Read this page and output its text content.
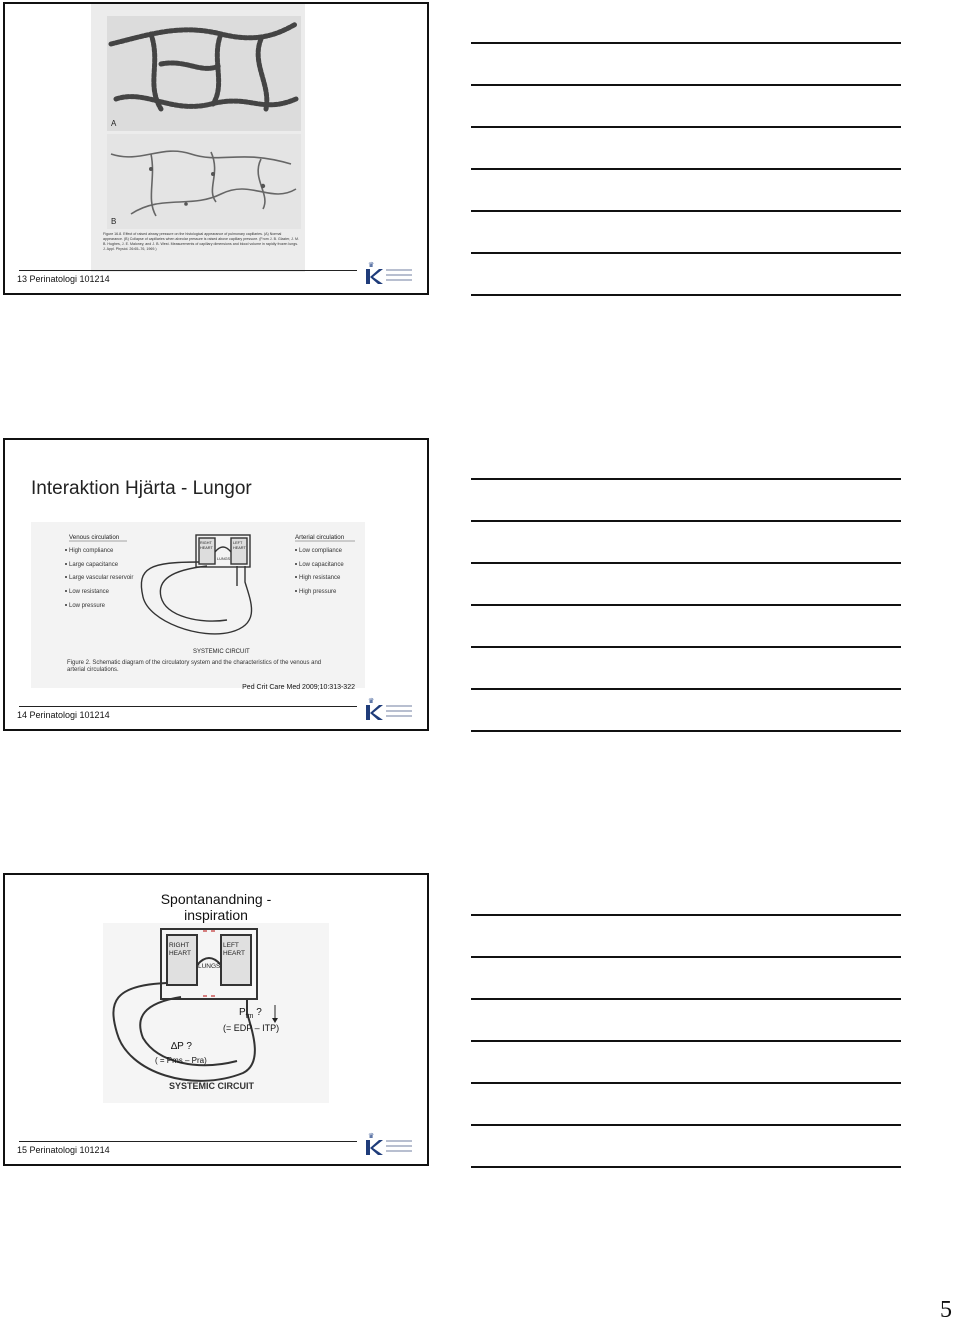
A
B
Figure 16.8. Effect of raised airway pressure on the histological appearance of pulmonary capillaries. (A) Normal appearance. (B) Collapse of capillaries when alveolar pressure is raised above capillary pressure. (From J. B. Glazier, J. M. B. Hughes, J. E. Maloney, and J. B. West. Measurements of capillary dimensions and blood volume in rapidly frozen lungs. J. Appl. Physiol. 26:65–76, 1969.)
13 Perinatologi 101214
♛
Interaktion Hjärta - Lungor
Venous circulation
High compliance
Large capacitance
Large vascular reservoir
Low resistance
Low pressure
Arterial circulation
Low compliance
Low capacitance
High resistance
High pressure
RIGHT
HEART
LEFT
HEART
LUNGS
SYSTEMIC CIRCUIT
Figure 2. Schematic diagram of the circulatory system and the characteristics of the venous and
arterial circulations.
Ped Crit Care Med 2009;10:313-322
14 Perinatologi 101214
♛
Spontanandning -
inspiration
RIGHT
HEART
LEFT
HEART
LUNGS
SYSTEMIC CIRCUIT
$P_{tm}$ ?
(= EDP – ITP)
∆P ?
( = Pms – Pra)
15 Perinatologi 101214
♛
5
